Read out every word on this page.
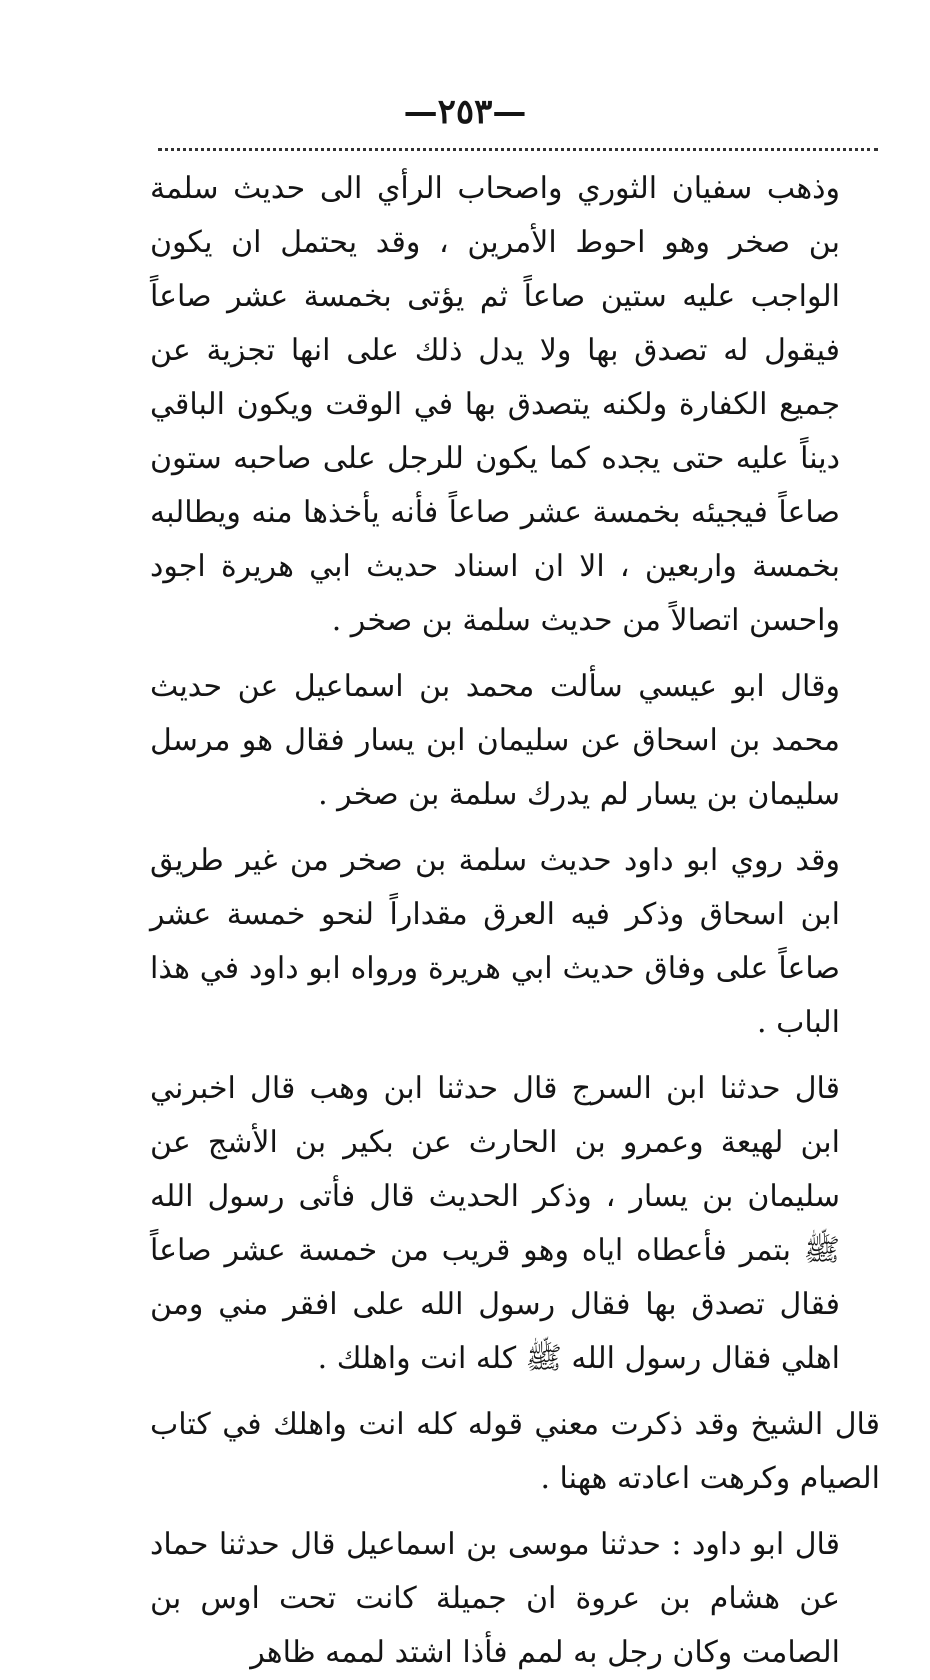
—٢٥٣—

وذهب سفيان الثوري واصحاب الرأي الى حديث سلمة بن صخر وهو احوط الأمرين ، وقد يحتمل ان يكون الواجب عليه ستين صاعاً ثم يؤتى بخمسة عشر صاعاً فيقول له تصدق بها ولا يدل ذلك على انها تجزية عن جميع الكفارة ولكنه يتصدق بها في الوقت ويكون الباقي ديناً عليه حتى يجده كما يكون للرجل على صاحبه ستون صاعاً فيجيئه بخمسة عشر صاعاً فأنه يأخذها منه ويطالبه بخمسة واربعين ، الا ان اسناد حديث ابي هريرة اجود واحسن اتصالاً من حديث سلمة بن صخر .

وقال ابو عيسي سألت محمد بن اسماعيل عن حديث محمد بن اسحاق عن سليمان ابن يسار فقال هو مرسل سليمان بن يسار لم يدرك سلمة بن صخر .

وقد روي ابو داود حديث سلمة بن صخر من غير طريق ابن اسحاق وذكر فيه العرق مقداراً لنحو خمسة عشر صاعاً على وفاق حديث ابي هريرة ورواه ابو داود في هذا الباب .

قال حدثنا ابن السرج قال حدثنا ابن وهب قال اخبرني ابن لهيعة وعمرو بن الحارث عن بكير بن الأشج عن سليمان بن يسار ، وذكر الحديث قال فأتى رسول الله ﷺ بتمر فأعطاه اياه وهو قريب من خمسة عشر صاعاً فقال تصدق بها فقال رسول الله على افقر مني ومن اهلي فقال رسول الله ﷺ كله انت واهلك .

قال الشيخ وقد ذكرت معني قوله كله انت واهلك في كتاب الصيام وكرهت اعادته ههنا .

قال ابو داود : حدثنا موسى بن اسماعيل قال حدثنا حماد عن هشام بن عروة ان جميلة كانت تحت اوس بن الصامت وكان رجل به لمم فأذا اشتد لممه ظاهر
